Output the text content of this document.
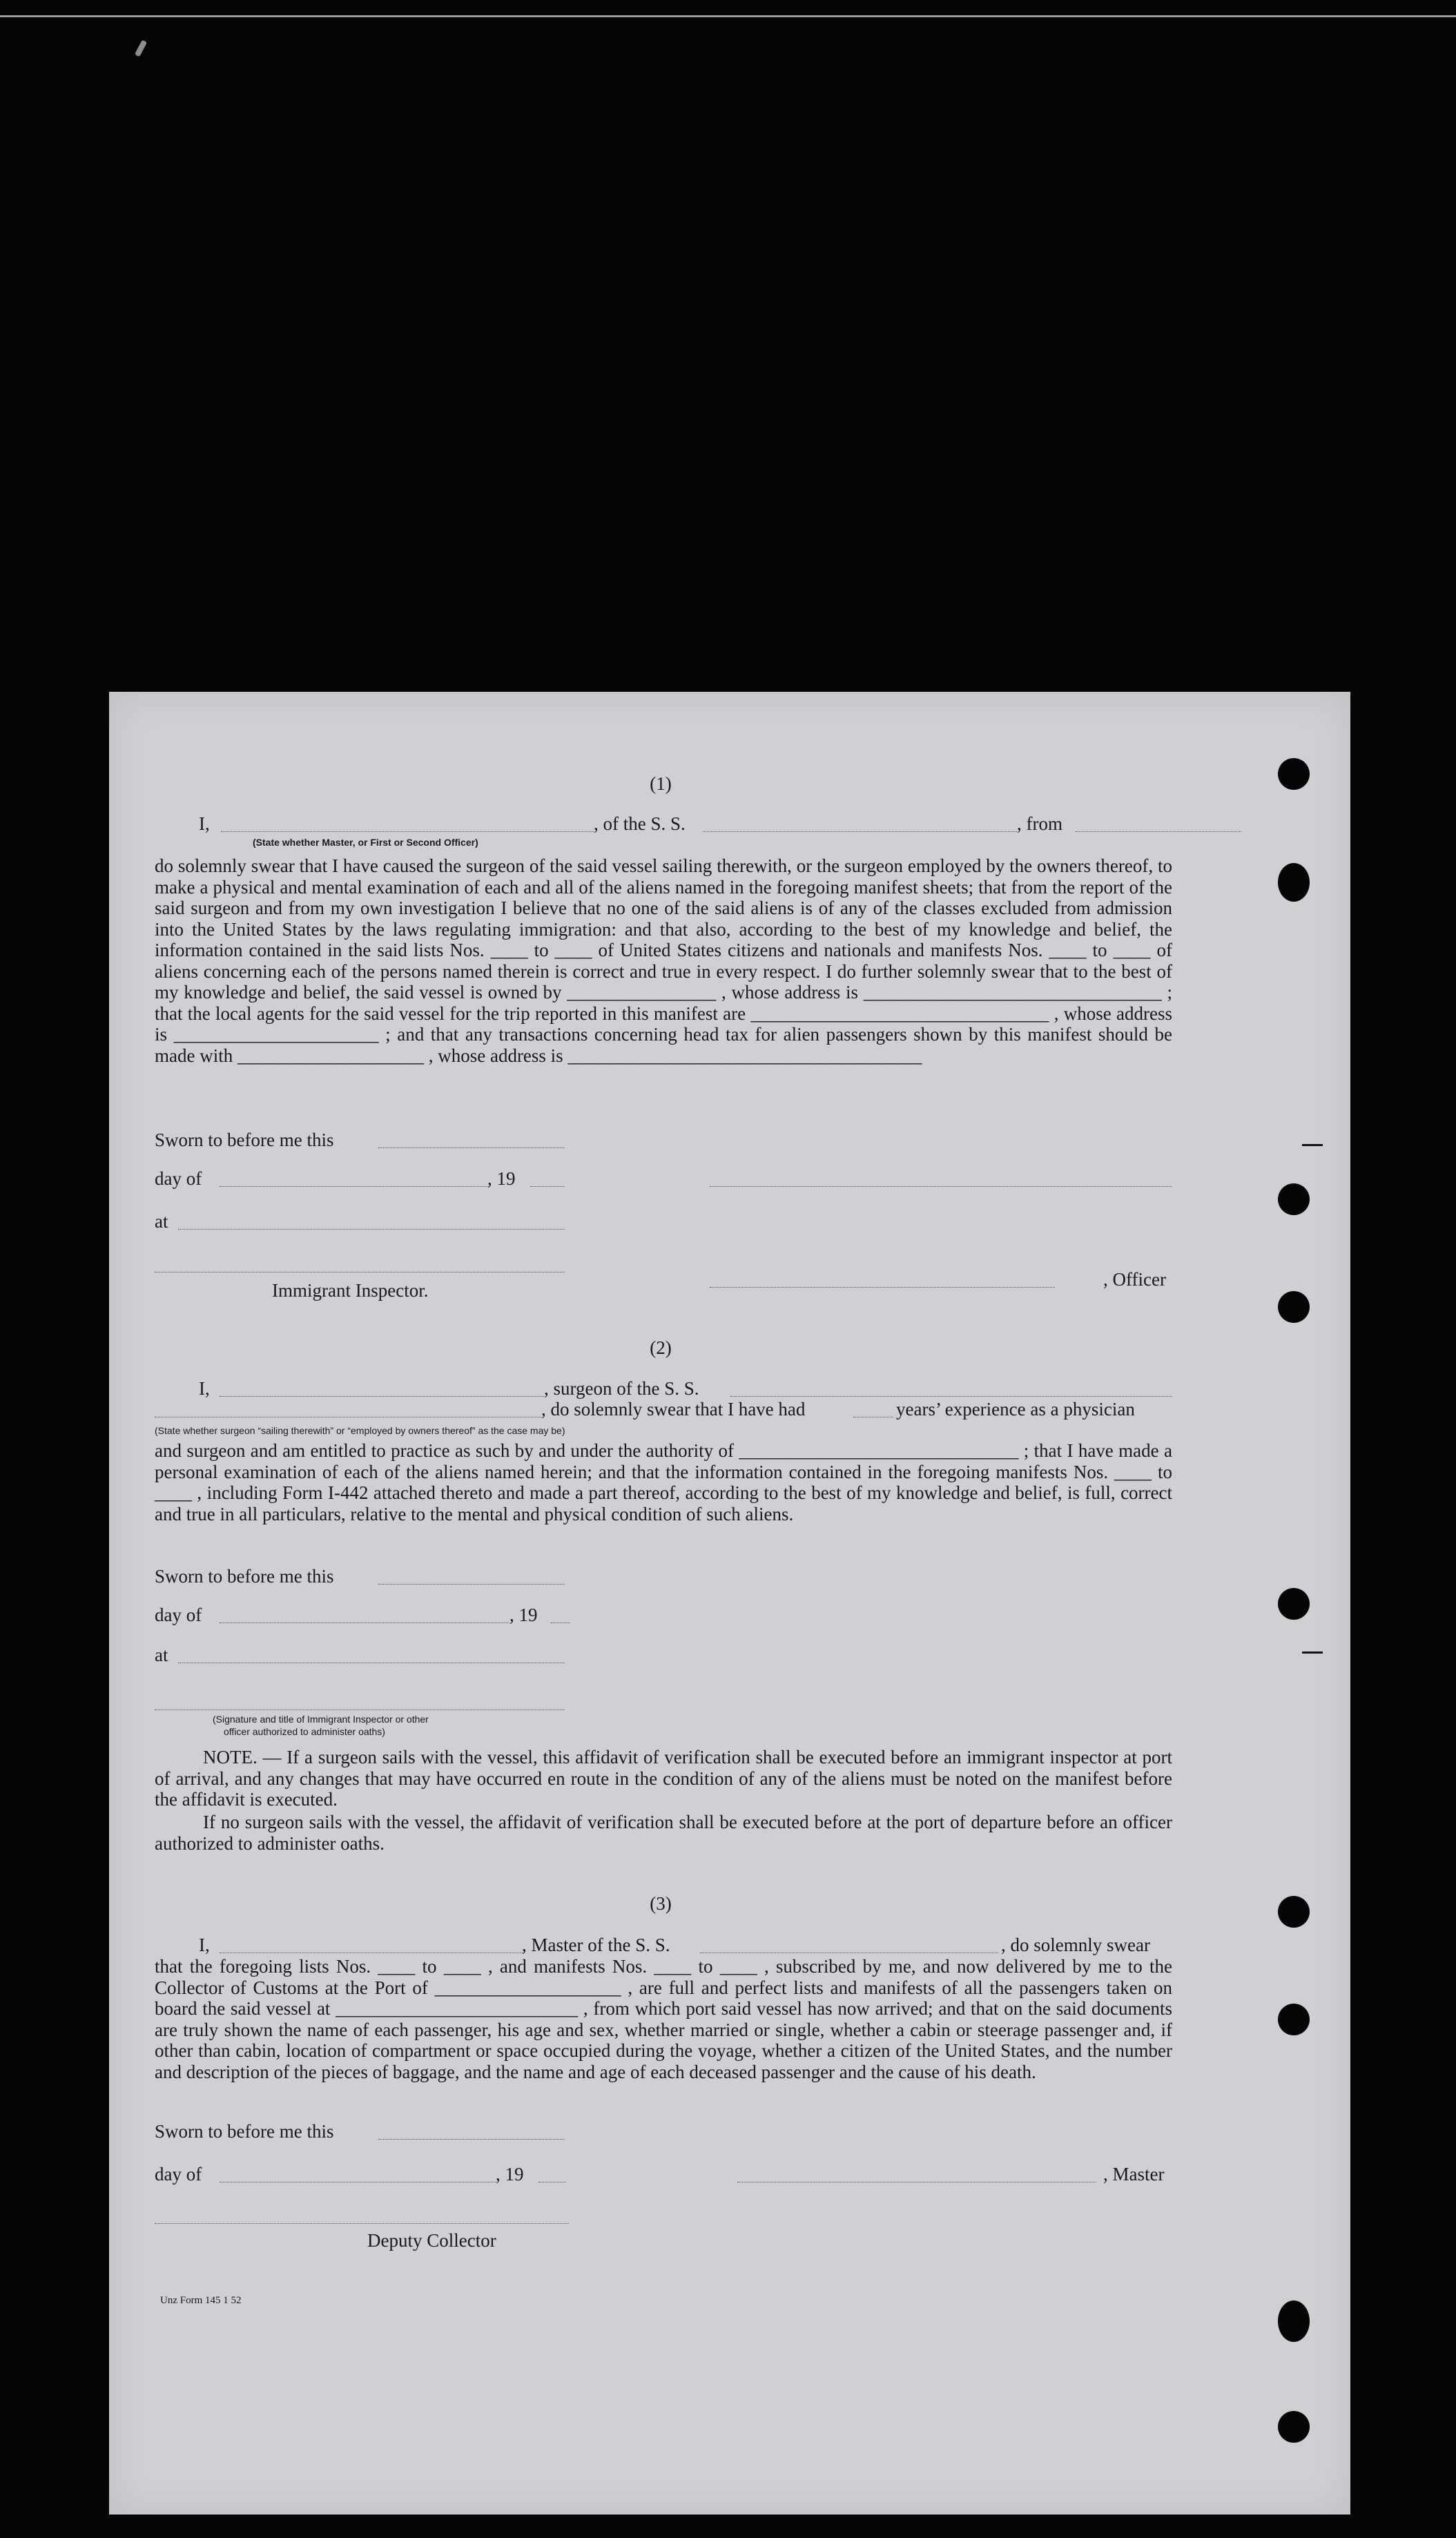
(1)
I,	, of the S. S.	, from
(State whether Master, or First or Second Officer)
do solemnly swear that I have caused the surgeon of the said vessel sailing therewith, or the surgeon employed by the owners thereof, to make a physical and mental examination of each and all of the aliens named in the foregoing manifest sheets; that from the report of the said surgeon and from my own investigation I believe that no one of the said aliens is of any of the classes excluded from admission into the United States by the laws regulating immigration: and that also, according to the best of my knowledge and belief, the information contained in the said lists Nos. ____ to ____ of United States citizens and nationals and manifests Nos. ____ to ____ of aliens concerning each of the persons named therein is correct and true in every respect. I do further solemnly swear that to the best of my knowledge and belief, the said vessel is owned by ________________ , whose address is ________________________________ ; that the local agents for the said vessel for the trip reported in this manifest are ________________________________ , whose address is ______________________ ; and that any transactions concerning head tax for alien passengers shown by this manifest should be made with ____________________ , whose address is ______________________________________
Sworn to before me this
day of	, 19
at
, Officer
Immigrant Inspector.
(2)
I,	, surgeon of the S. S.
, do solemnly swear that I have had	years’ experience as a physician
(State whether surgeon “sailing therewith” or “employed by owners thereof” as the case may be)
and surgeon and am entitled to practice as such by and under the authority of ______________________________ ; that I have made a personal examination of each of the aliens named herein; and that the information contained in the foregoing manifests Nos. ____ to ____ , including Form I-442 attached thereto and made a part thereof, according to the best of my knowledge and belief, is full, correct and true in all particulars, relative to the mental and physical condition of such aliens.
Sworn to before me this
day of	, 19
at
(Signature and title of Immigrant Inspector or other
officer authorized to administer oaths)
NOTE. — If a surgeon sails with the vessel, this affidavit of verification shall be executed before an immigrant inspector at port of arrival, and any changes that may have occurred en route in the condition of any of the aliens must be noted on the manifest before the affidavit is executed.
If no surgeon sails with the vessel, the affidavit of verification shall be executed before at the port of departure before an officer authorized to administer oaths.
(3)
I,	, Master of the S. S.	, do solemnly swear
that the foregoing lists Nos. ____ to ____ , and manifests Nos. ____ to ____ , subscribed by me, and now delivered by me to the Collector of Customs at the Port of ____________________ , are full and perfect lists and manifests of all the passengers taken on board the said vessel at __________________________ , from which port said vessel has now arrived; and that on the said documents are truly shown the name of each passenger, his age and sex, whether married or single, whether a cabin or steerage passenger and, if other than cabin, location of compartment or space occupied during the voyage, whether a citizen of the United States, and the number and description of the pieces of baggage, and the name and age of each deceased passenger and the cause of his death.
Sworn to before me this
day of	, 19	, Master
Deputy Collector
Unz Form 145 1 52
